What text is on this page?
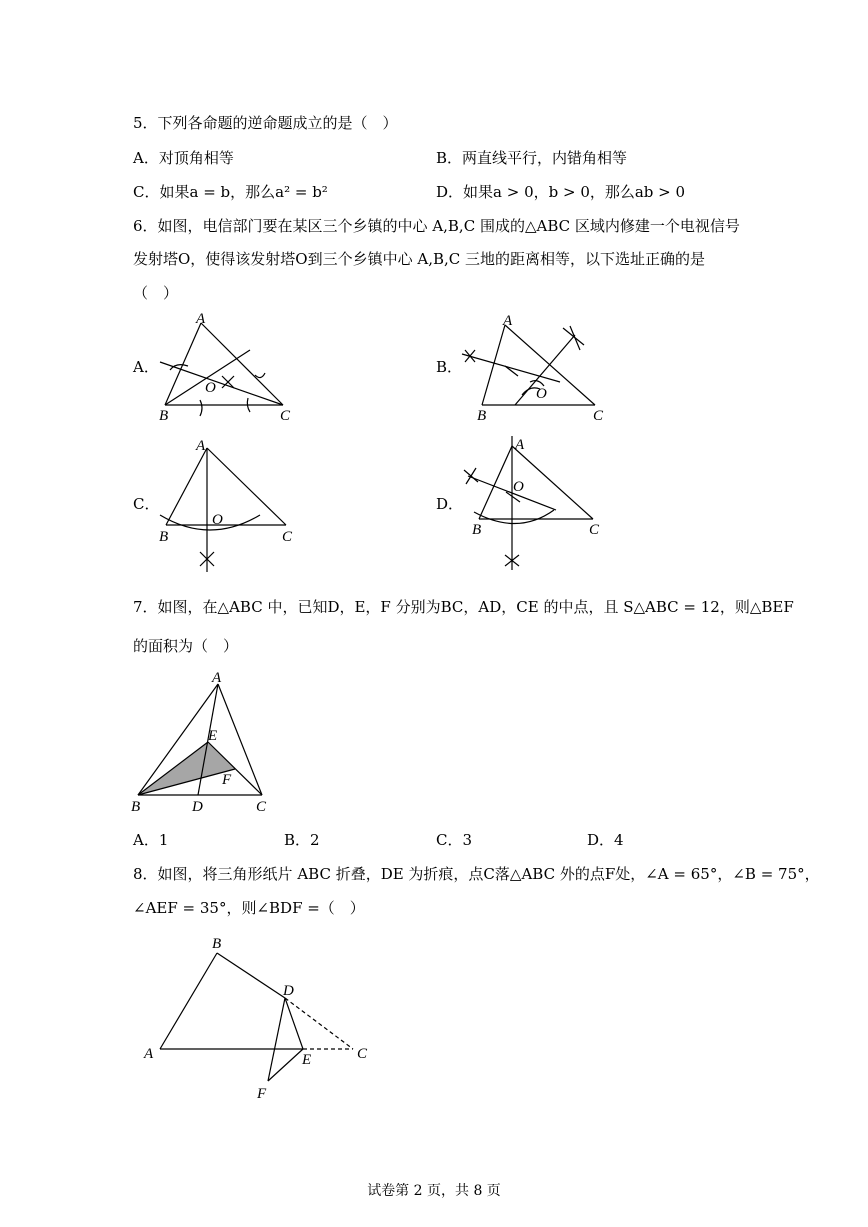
5．下列各命题的逆命题成立的是（　）
A．对顶角相等	B．两直线平行，内错角相等
C．如果a = b，那么a² = b²	D．如果a > 0，b > 0，那么ab > 0
6．如图，电信部门要在某区三个乡镇的中心 A,B,C 围成的△ABC 区域内修建一个电视信号
发射塔O，使得该发射塔O到三个乡镇中心 A,B,C 三地的距离相等，以下选址正确的是
（　）
A．	B．
C．	D．
A
B	C
O
A
B	C
O
A
B	C
O
A
B	C
O
7．如图，在△ABC 中，已知D，E，F 分别为BC，AD，CE 的中点，且 S△ABC = 12，则△BEF
的面积为（　）
A
B	C
D
E
F
A．1	B．2	C．3	D．4
8．如图，将三角形纸片 ABC 折叠，DE 为折痕，点C落△ABC 外的点F处，∠A = 65°，∠B = 75°，
∠AEF = 35°，则∠BDF =（　）
B
D
A	E	C
F
试卷第 2 页，共 8 页
